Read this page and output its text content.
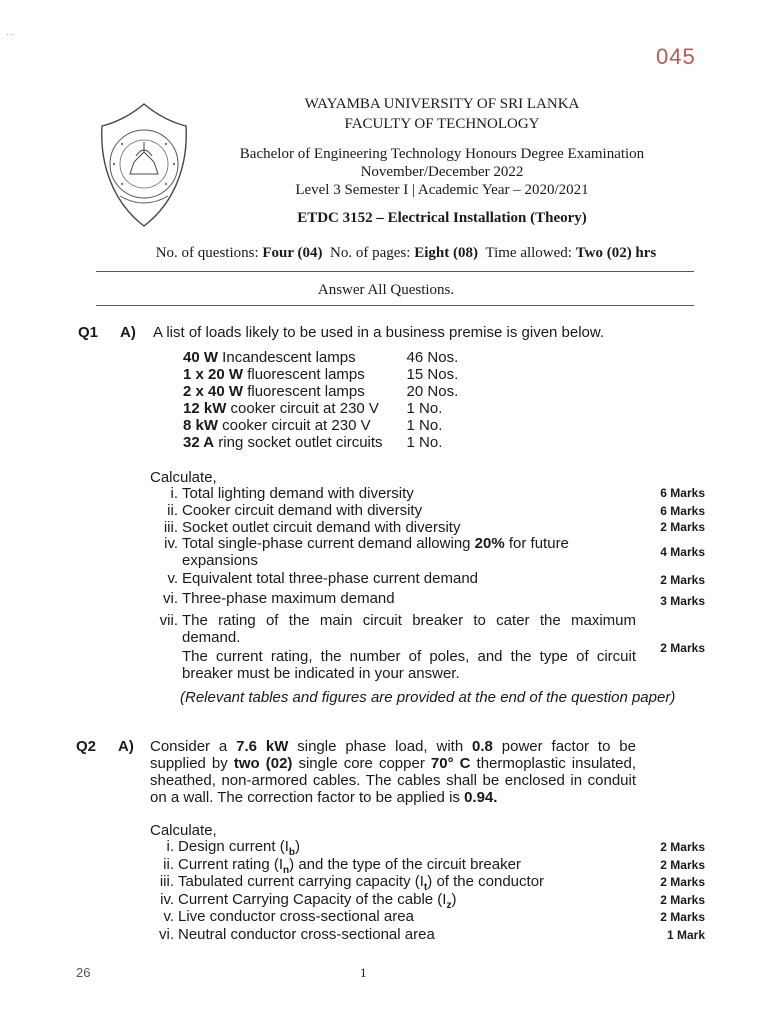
045
⋯
WAYAMBA UNIVERSITY OF SRI LANKA
FACULTY OF TECHNOLOGY
Bachelor of Engineering Technology Honours Degree Examination
November/December 2022
Level 3 Semester I | Academic Year – 2020/2021
ETDC 3152 – Electrical Installation (Theory)
No. of questions: Four (04) No. of pages: Eight (08) Time allowed: Two (02) hrs
Answer All Questions.
Q1 A) A list of loads likely to be used in a business premise is given below.
40 W Incandescent lamps	46 Nos.
1 x 20 W fluorescent lamps	15 Nos.
2 x 40 W fluorescent lamps	20 Nos.
12 kW cooker circuit at 230 V	1 No.
8 kW cooker circuit at 230 V	1 No.
32 A ring socket outlet circuits	1 No.
Calculate,
i. Total lighting demand with diversity	6 Marks
ii. Cooker circuit demand with diversity	6 Marks
iii. Socket outlet circuit demand with diversity	2 Marks
iv. Total single-phase current demand allowing 20% for future expansions	4 Marks
v. Equivalent total three-phase current demand	2 Marks
vi. Three-phase maximum demand	3 Marks
vii. The rating of the main circuit breaker to cater the maximum demand.
The current rating, the number of poles, and the type of circuit breaker must be indicated in your answer.
2 Marks
(Relevant tables and figures are provided at the end of the question paper)
Q2 A) Consider a 7.6 kW single phase load, with 0.8 power factor to be supplied by two (02) single core copper 70° C thermoplastic insulated, sheathed, non-armored cables. The cables shall be enclosed in conduit on a wall. The correction factor to be applied is 0.94.
Calculate,
i. Design current $(I_b)$	2 Marks
ii. Current rating $(I_n)$ and the type of the circuit breaker	2 Marks
iii. Tabulated current carrying capacity $(I_t)$ of the conductor	2 Marks
iv. Current Carrying Capacity of the cable $(I_z)$	2 Marks
v. Live conductor cross-sectional area	2 Marks
vi. Neutral conductor cross-sectional area	1 Mark
26	1
